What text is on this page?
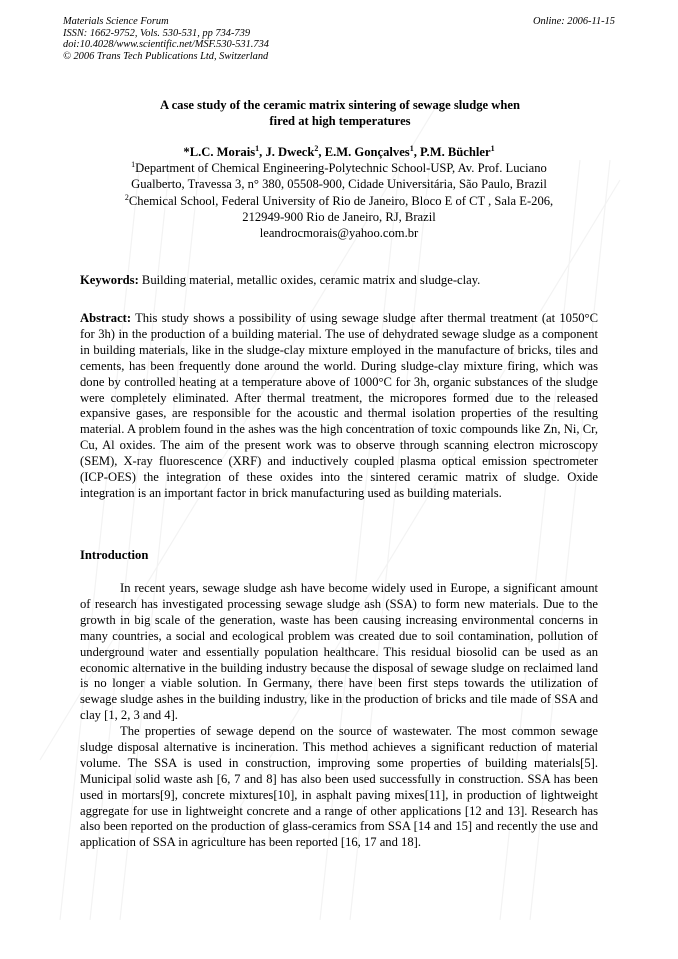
Materials Science Forum
ISSN: 1662-9752, Vols. 530-531, pp 734-739
doi:10.4028/www.scientific.net/MSF.530-531.734
© 2006 Trans Tech Publications Ltd, Switzerland
Online: 2006-11-15
A case study of the ceramic matrix sintering of sewage sludge when
fired at high temperatures
*L.C. Morais$^1$, J. Dweck$^2$, E.M. Gonçalves$^1$, P.M. Büchler$^1$
$^1$Department of Chemical Engineering-Polytechnic School-USP, Av. Prof. Luciano
Gualberto, Travessa 3, n° 380, 05508-900, Cidade Universitária, São Paulo, Brazil
$^2$Chemical School, Federal University of Rio de Janeiro, Bloco E of CT , Sala E-206,
212949-900 Rio de Janeiro, RJ, Brazil
leandrocmorais@yahoo.com.br
Keywords: Building material, metallic oxides, ceramic matrix and sludge-clay.
Abstract: This study shows a possibility of using sewage sludge after thermal treatment (at 1050°C for 3h) in the production of a building material. The use of dehydrated sewage sludge as a component in building materials, like in the sludge-clay mixture employed in the manufacture of bricks, tiles and cements, has been frequently done around the world. During sludge-clay mixture firing, which was done by controlled heating at a temperature above of 1000°C for 3h, organic substances of the sludge were completely eliminated. After thermal treatment, the micropores formed due to the released expansive gases, are responsible for the acoustic and thermal isolation properties of the resulting material. A problem found in the ashes was the high concentration of toxic compounds like Zn, Ni, Cr, Cu, Al oxides. The aim of the present work was to observe through scanning electron microscopy (SEM), X-ray fluorescence (XRF) and inductively coupled plasma optical emission spectrometer (ICP-OES) the integration of these oxides into the sintered ceramic matrix of sludge. Oxide integration is an important factor in brick manufacturing used as building materials.
Introduction
In recent years, sewage sludge ash have become widely used in Europe, a significant amount of research has investigated processing sewage sludge ash (SSA) to form new materials. Due to the growth in big scale of the generation, waste has been causing increasing environmental concerns in many countries, a social and ecological problem was created due to soil contamination, pollution of underground water and essentially population healthcare. This residual biosolid can be used as an economic alternative in the building industry because the disposal of sewage sludge on reclaimed land is no longer a viable solution. In Germany, there have been first steps towards the utilization of sewage sludge ashes in the building industry, like in the production of bricks and tile made of SSA and clay [1, 2, 3 and 4].
The properties of sewage depend on the source of wastewater. The most common sewage sludge disposal alternative is incineration. This method achieves a significant reduction of material volume. The SSA is used in construction, improving some properties of building materials[5]. Municipal solid waste ash [6, 7 and 8] has also been used successfully in construction. SSA has been used in mortars[9], concrete mixtures[10], in asphalt paving mixes[11], in production of lightweight aggregate for use in lightweight concrete and a range of other applications [12 and 13]. Research has also been reported on the production of glass-ceramics from SSA [14 and 15] and recently the use and application of SSA in agriculture has been reported [16, 17 and 18].
